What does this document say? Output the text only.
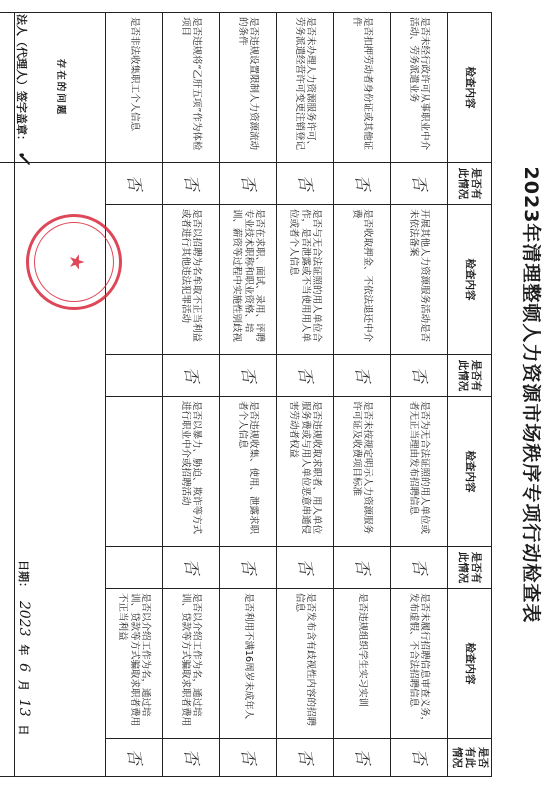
2023年清理整顿人力资源市场秩序专项行动检查表
检查内容	是否有此情况	检查内容	是否有此情况	检查内容	是否有此情况	检查内容	是否有此情况
是否未经行政许可从事职业中介活动、劳务派遣业务	否	开展其他人力资源服务活动是否未依法备案	否	是否为无合法证照的用人单位或者无正当理由发布招聘信息	否	是否未履行招聘信息审查义务，发布虚假、不合法招聘信息	否
是否扣押劳动者身份证或其他证件	否	是否收取押金、不依法退还中介费	否	是否未按规定明示人力资源服务许可证及收费项目标准	否	是否违规组织学生实习实训	否
是否未办理人力资源服务许可、劳务派遣经营许可变更注销登记	否	是否与无合法证照的用人单位合作，是否泄露或不当使用用人单位或者个人信息	否	是否违规收取求职者、用人单位服务费或与用人单位恶意串通侵害劳动者权益	否	是否发布含有歧视性内容的招聘信息	否
是否违规设置限制人力资源流动的条件	否	是否在求职、面试、录用、评聘专业技术职称和职业资格、培训、薪资等过程中实施性别歧视	否	是否违规收集、使用、泄露求职者个人信息	否	是否利用不满16周岁未成年人	否
是否违规将“乙肝五项”作为体检项目	否	是否以招聘为名牟取不正当利益或者进行其他违法犯罪活动	否	是否以暴力、胁迫、欺诈等方式进行职业中介或招聘活动	否	是否以介绍工作为名，通过培训、贷款等方式骗取求职者费用	否
是否非法收集职工个人信息	否					是否以介绍工作为名，通过培训、贷款等方式骗取求职者费用不正当利益	否
存在的问题							

法人（代理人）签字盖章： ✓
★
日期： 2023 年 6 月 13 日
